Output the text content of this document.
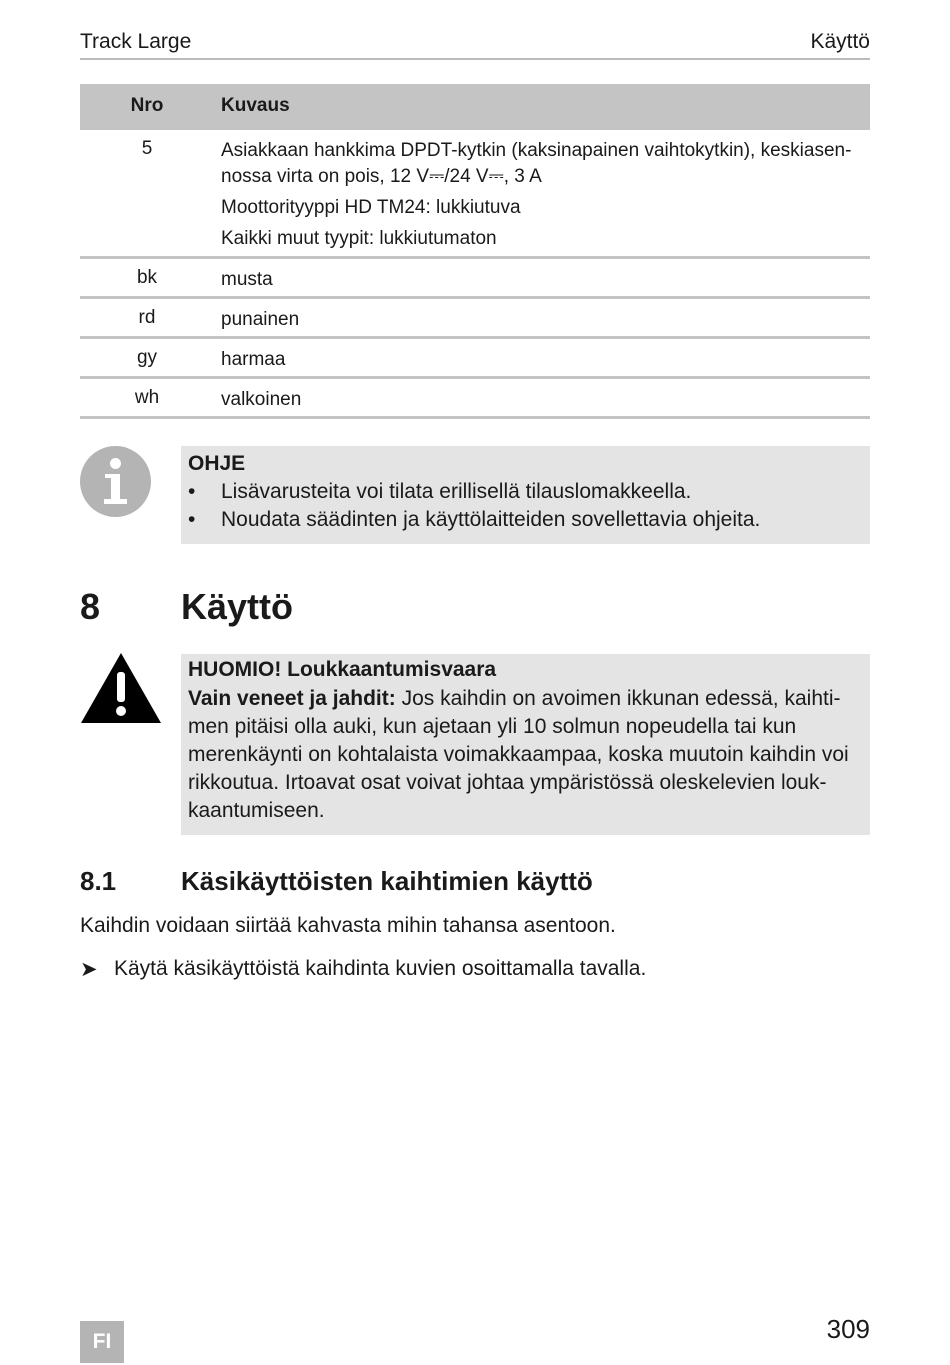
Track Large	Käyttö
Nro	Kuvaus
5	Asiakkaan hankkima DPDT-kytkin (kaksinapainen vaihtokytkin), keskiasennossa virta on pois, 12 V⎓/24 V⎓, 3 A

Moottorityyppi HD TM24: lukkiutuva

Kaikki muut tyypit: lukkiutumaton

bk	musta
rd	punainen
gy	harmaa
wh	valkoinen
OHJE
• Lisävarusteita voi tilata erillisellä tilauslomakkeella.
• Noudata säädinten ja käyttölaitteiden sovellettavia ohjeita.
8 Käyttö
HUOMIO! Loukkaantumisvaara
Vain veneet ja jahdit: Jos kaihdin on avoimen ikkunan edessä, kaihtimen pitäisi olla auki, kun ajetaan yli 10 solmun nopeudella tai kun merenkäynti on kohtalaista voimakkaampaa, koska muutoin kaihdin voi rikkoutua. Irtoavat osat voivat johtaa ympäristössä oleskelevien loukkaantumiseen.
8.1 Käsikäyttöisten kaihtimien käyttö
Kaihdin voidaan siirtää kahvasta mihin tahansa asentoon.
➤ Käytä käsikäyttöistä kaihdinta kuvien osoittamalla tavalla.
FI	309
